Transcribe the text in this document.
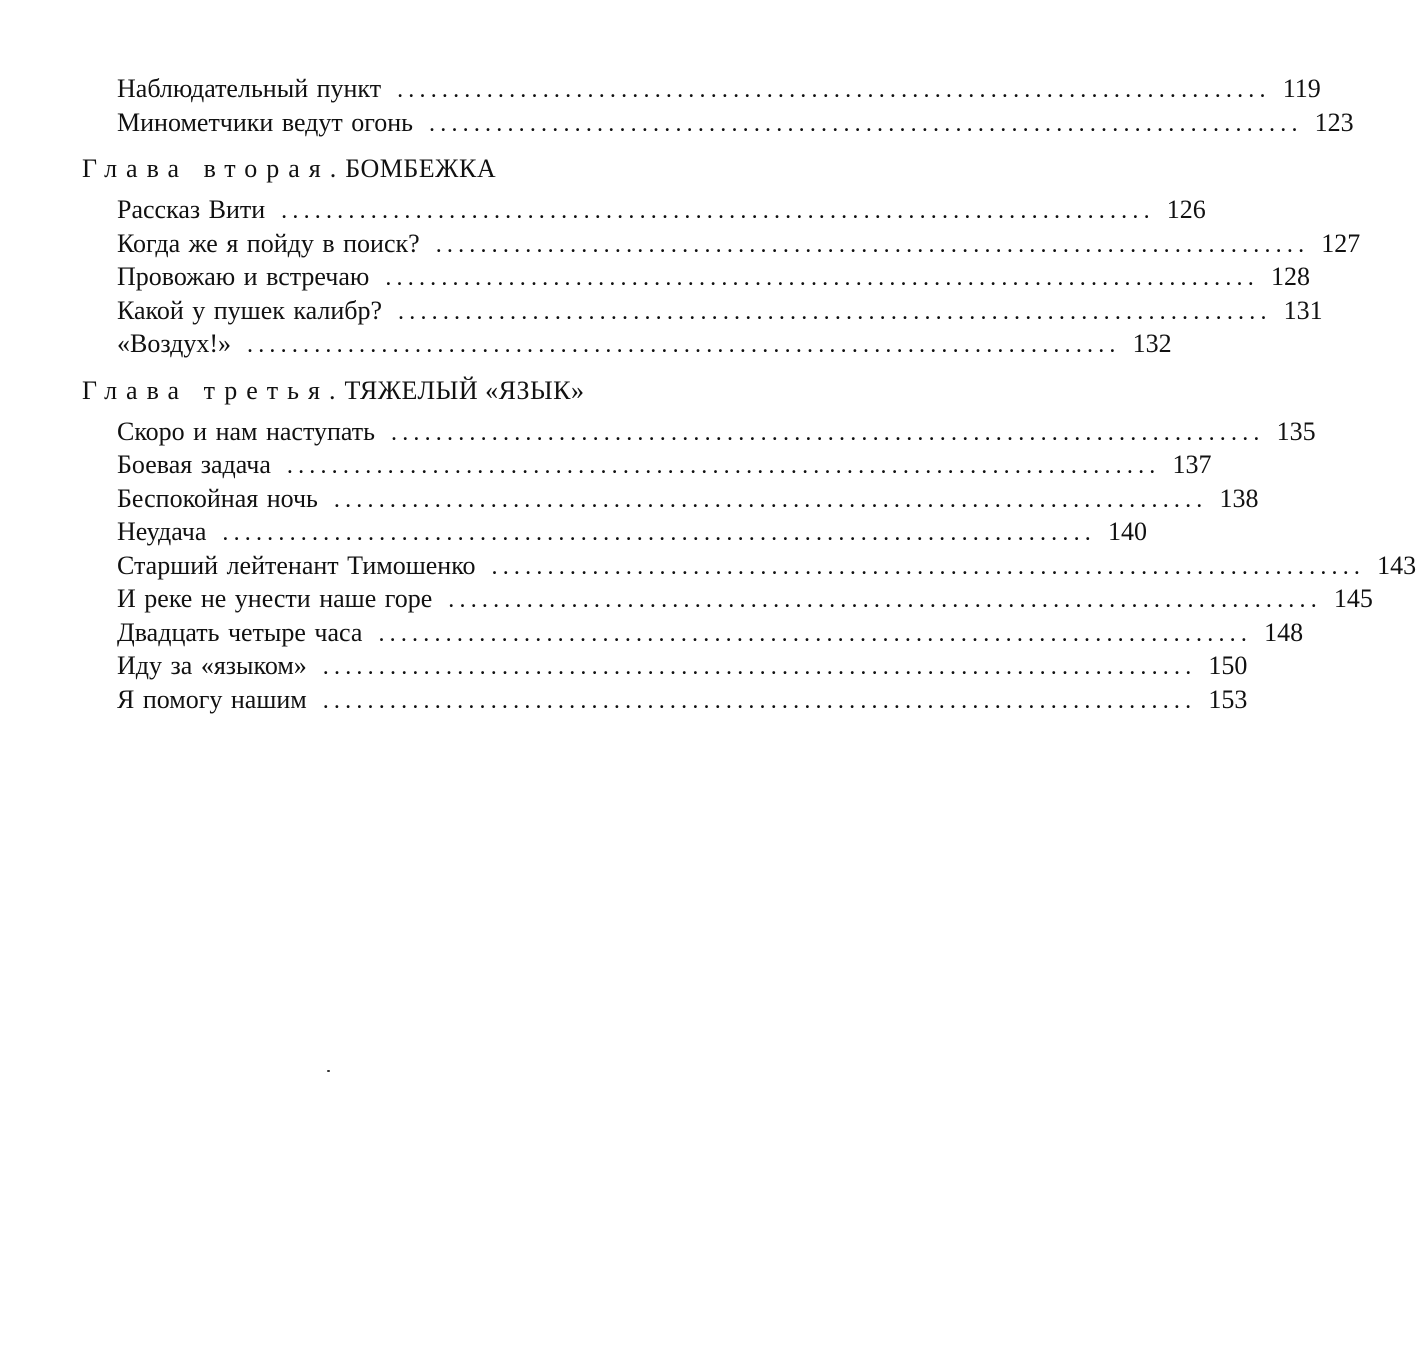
Наблюдательный пункт .............................................................................. 119
Минометчики ведут огонь .............................................................................. 123
Глава вторая. БОМБЕЖКА
Рассказ Вити .............................................................................. 126
Когда же я пойду в поиск? .............................................................................. 127
Провожаю и встречаю .............................................................................. 128
Какой у пушек калибр? .............................................................................. 131
«Воздух!» .............................................................................. 132
Глава третья. ТЯЖЕЛЫЙ «ЯЗЫК»
Скоро и нам наступать .............................................................................. 135
Боевая задача .............................................................................. 137
Беспокойная ночь .............................................................................. 138
Неудача .............................................................................. 140
Старший лейтенант Тимошенко .............................................................................. 143
И реке не унести наше горе .............................................................................. 145
Двадцать четыре часа .............................................................................. 148
Иду за «языком» .............................................................................. 150
Я помогу нашим .............................................................................. 153
